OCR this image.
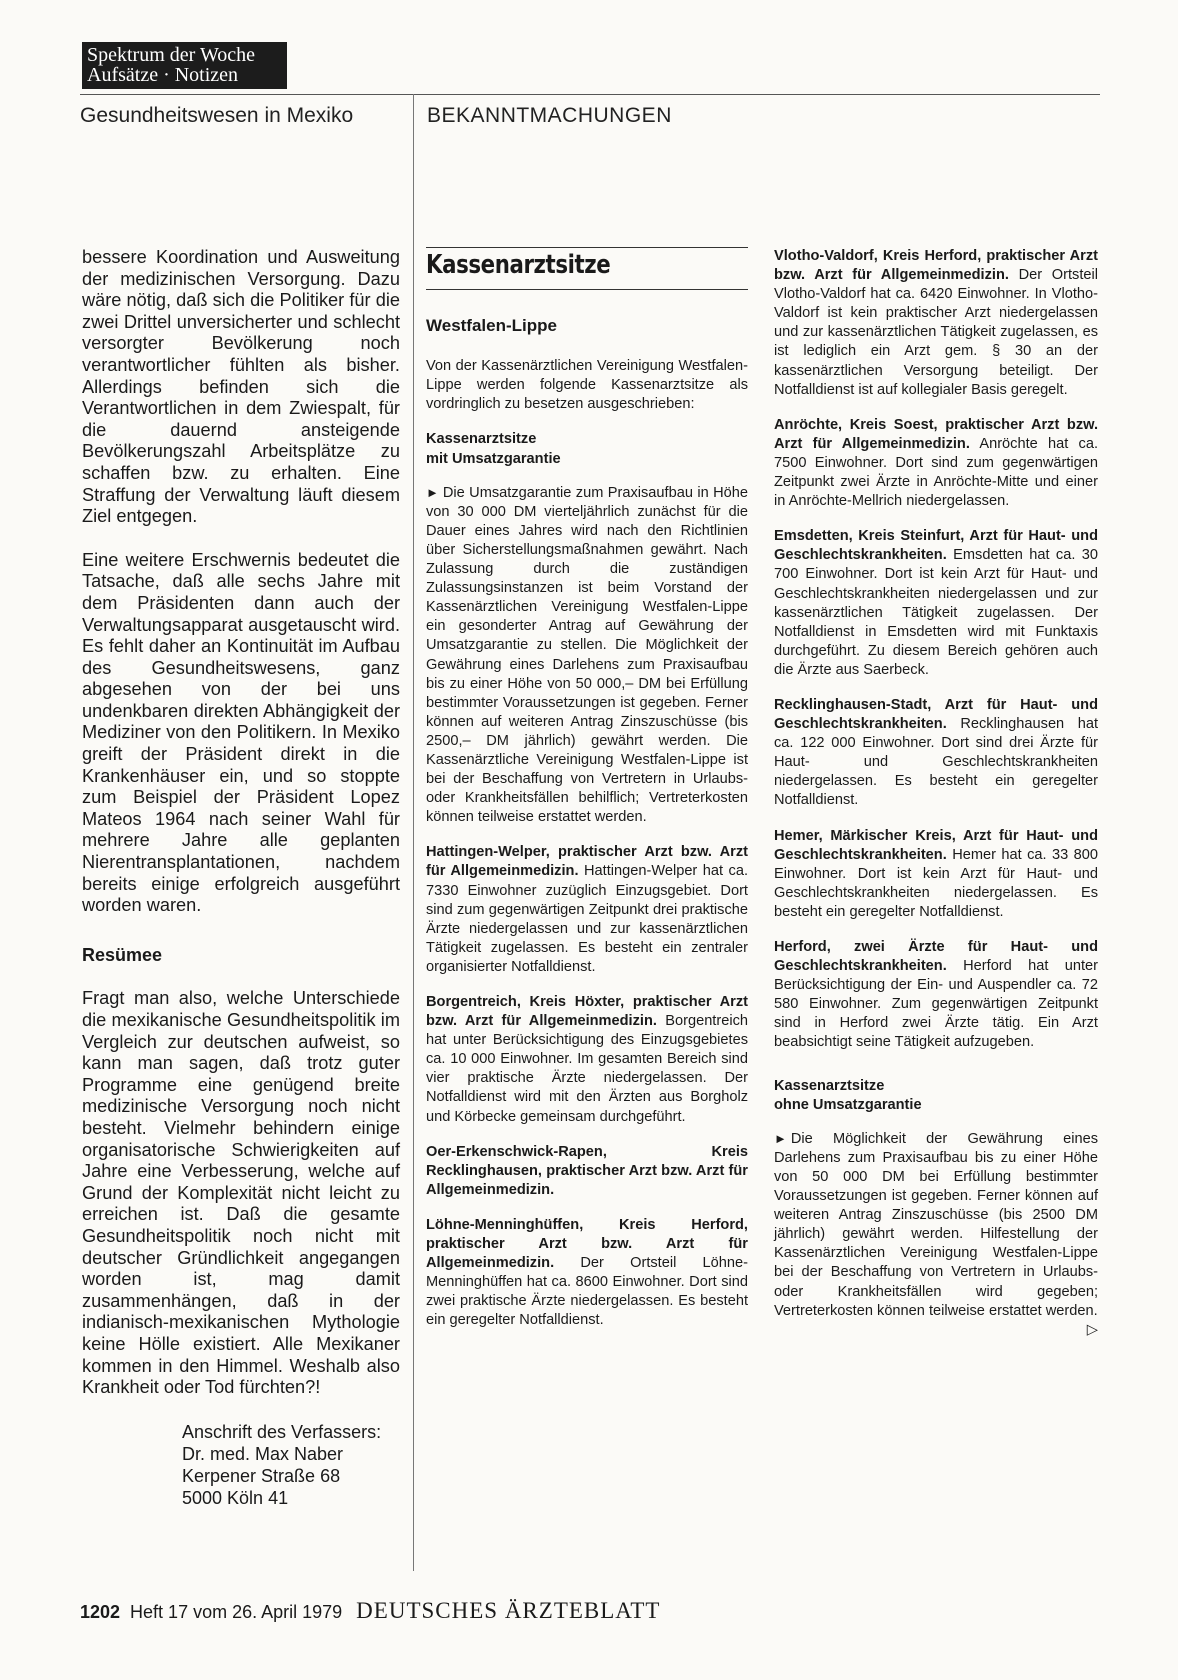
Spektrum der Woche
Aufsätze · Notizen
Gesundheitswesen in Mexiko	BEKANNTMACHUNGEN

bessere Koordination und Ausweitung der medizinischen Versorgung. Dazu wäre nötig, daß sich die Politiker für die zwei Drittel unversicherter und schlecht versorgter Bevölkerung noch verantwortlicher fühlten als bisher. Allerdings befinden sich die Verantwortlichen in dem Zwiespalt, für die dauernd ansteigende Bevölkerungszahl Arbeitsplätze zu schaffen bzw. zu erhalten. Eine Straffung der Verwaltung läuft diesem Ziel entgegen.

Eine weitere Erschwernis bedeutet die Tatsache, daß alle sechs Jahre mit dem Präsidenten dann auch der Verwaltungsapparat ausgetauscht wird. Es fehlt daher an Kontinuität im Aufbau des Gesundheitswesens, ganz abgesehen von der bei uns undenkbaren direkten Abhängigkeit der Mediziner von den Politikern. In Mexiko greift der Präsident direkt in die Krankenhäuser ein, und so stoppte zum Beispiel der Präsident Lopez Mateos 1964 nach seiner Wahl für mehrere Jahre alle geplanten Nierentransplantationen, nachdem bereits einige erfolgreich ausgeführt worden waren.

Resümee

Fragt man also, welche Unterschiede die mexikanische Gesundheitspolitik im Vergleich zur deutschen aufweist, so kann man sagen, daß trotz guter Programme eine genügend breite medizinische Versorgung noch nicht besteht. Vielmehr behindern einige organisatorische Schwierigkeiten auf Jahre eine Verbesserung, welche auf Grund der Komplexität nicht leicht zu erreichen ist. Daß die gesamte Gesundheitspolitik noch nicht mit deutscher Gründlichkeit angegangen worden ist, mag damit zusammenhängen, daß in der indianisch-mexikanischen Mythologie keine Hölle existiert. Alle Mexikaner kommen in den Himmel. Weshalb also Krankheit oder Tod fürchten?!

Anschrift des Verfassers:
Dr. med. Max Naber
Kerpener Straße 68
5000 Köln 41
Kassenarztsitze
Westfalen-Lippe

Von der Kassenärztlichen Vereinigung Westfalen-Lippe werden folgende Kassenarztsitze als vordringlich zu besetzen ausgeschrieben:

Kassenarztsitze
mit Umsatzgarantie

► Die Umsatzgarantie zum Praxisaufbau in Höhe von 30 000 DM vierteljährlich zunächst für die Dauer eines Jahres wird nach den Richtlinien über Sicherstellungsmaßnahmen gewährt. Nach Zulassung durch die zuständigen Zulassungsinstanzen ist beim Vorstand der Kassenärztlichen Vereinigung Westfalen-Lippe ein gesonderter Antrag auf Gewährung der Umsatzgarantie zu stellen. Die Möglichkeit der Gewährung eines Darlehens zum Praxisaufbau bis zu einer Höhe von 50 000,– DM bei Erfüllung bestimmter Voraussetzungen ist gegeben. Ferner können auf weiteren Antrag Zinszuschüsse (bis 2500,– DM jährlich) gewährt werden. Die Kassenärztliche Vereinigung Westfalen-Lippe ist bei der Beschaffung von Vertretern in Urlaubs- oder Krankheitsfällen behilflich; Vertreterkosten können teilweise erstattet werden.

Hattingen-Welper, praktischer Arzt bzw. Arzt für Allgemeinmedizin. Hattingen-Welper hat ca. 7330 Einwohner zuzüglich Einzugsgebiet. Dort sind zum gegenwärtigen Zeitpunkt drei praktische Ärzte niedergelassen und zur kassenärztlichen Tätigkeit zugelassen. Es besteht ein zentraler organisierter Notfalldienst.

Borgentreich, Kreis Höxter, praktischer Arzt bzw. Arzt für Allgemeinmedizin. Borgentreich hat unter Berücksichtigung des Einzugsgebietes ca. 10 000 Einwohner. Im gesamten Bereich sind vier praktische Ärzte niedergelassen. Der Notfalldienst wird mit den Ärzten aus Borgholz und Körbecke gemeinsam durchgeführt.

Oer-Erkenschwick-Rapen, Kreis Recklinghausen, praktischer Arzt bzw. Arzt für Allgemeinmedizin.

Löhne-Menninghüffen, Kreis Herford, praktischer Arzt bzw. Arzt für Allgemeinmedizin. Der Ortsteil Löhne-Menninghüffen hat ca. 8600 Einwohner. Dort sind zwei praktische Ärzte niedergelassen. Es besteht ein geregelter Notfalldienst.

Vlotho-Valdorf, Kreis Herford, praktischer Arzt bzw. Arzt für Allgemeinmedizin. Der Ortsteil Vlotho-Valdorf hat ca. 6420 Einwohner. In Vlotho-Valdorf ist kein praktischer Arzt niedergelassen und zur kassenärztlichen Tätigkeit zugelassen, es ist lediglich ein Arzt gem. § 30 an der kassenärztlichen Versorgung beteiligt. Der Notfalldienst ist auf kollegialer Basis geregelt.

Anröchte, Kreis Soest, praktischer Arzt bzw. Arzt für Allgemeinmedizin. Anröchte hat ca. 7500 Einwohner. Dort sind zum gegenwärtigen Zeitpunkt zwei Ärzte in Anröchte-Mitte und einer in Anröchte-Mellrich niedergelassen.

Emsdetten, Kreis Steinfurt, Arzt für Haut- und Geschlechtskrankheiten. Emsdetten hat ca. 30 700 Einwohner. Dort ist kein Arzt für Haut- und Geschlechtskrankheiten niedergelassen und zur kassenärztlichen Tätigkeit zugelassen. Der Notfalldienst in Emsdetten wird mit Funktaxis durchgeführt. Zu diesem Bereich gehören auch die Ärzte aus Saerbeck.

Recklinghausen-Stadt, Arzt für Haut- und Geschlechtskrankheiten. Recklinghausen hat ca. 122 000 Einwohner. Dort sind drei Ärzte für Haut- und Geschlechtskrankheiten niedergelassen. Es besteht ein geregelter Notfalldienst.

Hemer, Märkischer Kreis, Arzt für Haut- und Geschlechtskrankheiten. Hemer hat ca. 33 800 Einwohner. Dort ist kein Arzt für Haut- und Geschlechtskrankheiten niedergelassen. Es besteht ein geregelter Notfalldienst.

Herford, zwei Ärzte für Haut- und Geschlechtskrankheiten. Herford hat unter Berücksichtigung der Ein- und Auspendler ca. 72 580 Einwohner. Zum gegenwärtigen Zeitpunkt sind in Herford zwei Ärzte tätig. Ein Arzt beabsichtigt seine Tätigkeit aufzugeben.

Kassenarztsitze
ohne Umsatzgarantie

► Die Möglichkeit der Gewährung eines Darlehens zum Praxisaufbau bis zu einer Höhe von 50 000 DM bei Erfüllung bestimmter Voraussetzungen ist gegeben. Ferner können auf weiteren Antrag Zinszuschüsse (bis 2500 DM jährlich) gewährt werden. Hilfestellung der Kassenärztlichen Vereinigung Westfalen-Lippe bei der Beschaffung von Vertretern in Urlaubs- oder Krankheitsfällen wird gegeben; Vertreterkosten können teilweise erstattet werden.
▷

1202 Heft 17 vom 26. April 1979 DEUTSCHES ÄRZTEBLATT
